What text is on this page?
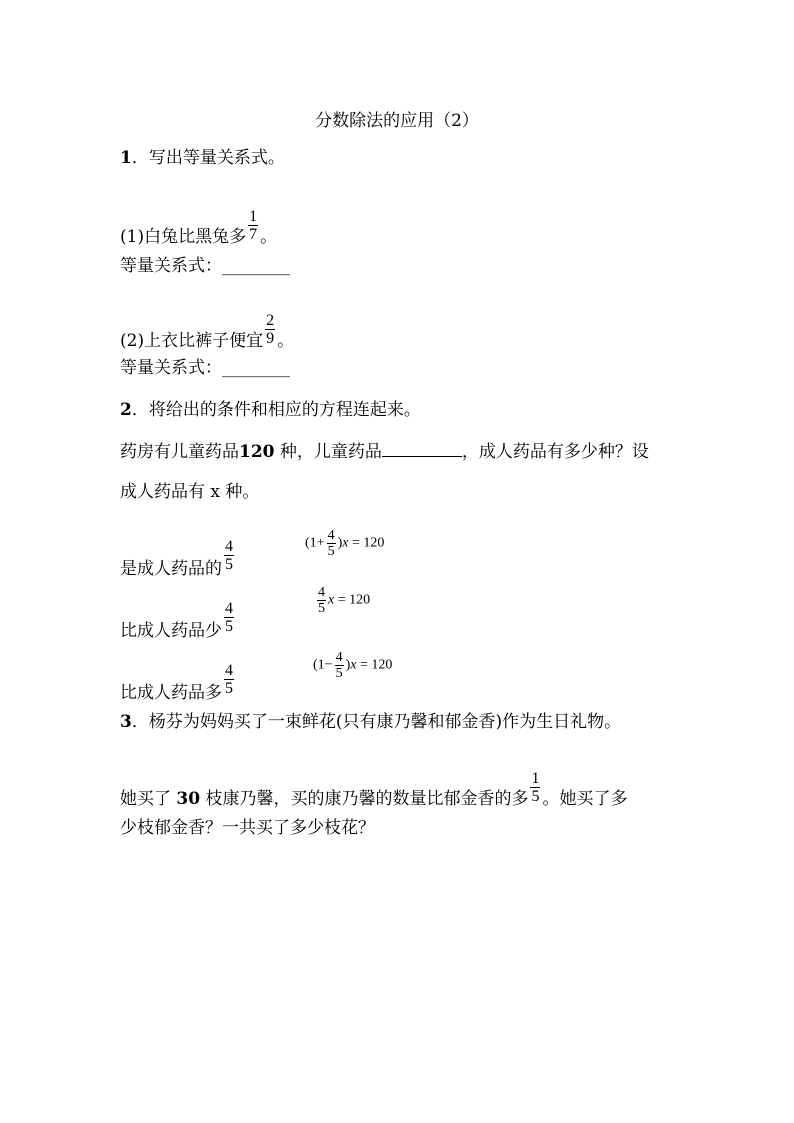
分数除法的应用（2）
1．写出等量关系式。
(1)白兔比黑兔多 $\frac{1}{7}$ 。
等量关系式：________
(2)上衣比裤子便宜 $\frac{2}{9}$ 。
等量关系式：________
2．将给出的条件和相应的方程连起来。
药房有儿童药品120 种，儿童药品	，成人药品有多少种？设
成人药品有 x 种。
是成人药品的 $\frac{4}{5}$
比成人药品少 $\frac{4}{5}$
比成人药品多 $\frac{4}{5}$
$(1+ \frac{4}{5} )x = 120$
$\frac{4}{5}$ x = 120
$(1- \frac{4}{5} )x = 120$
3．杨芬为妈妈买了一束鲜花(只有康乃馨和郁金香)作为生日礼物。
她买了 30 枝康乃馨，买的康乃馨的数量比郁金香的多 $\frac{1}{5}$ 。她买了多
少枝郁金香？一共买了多少枝花？
